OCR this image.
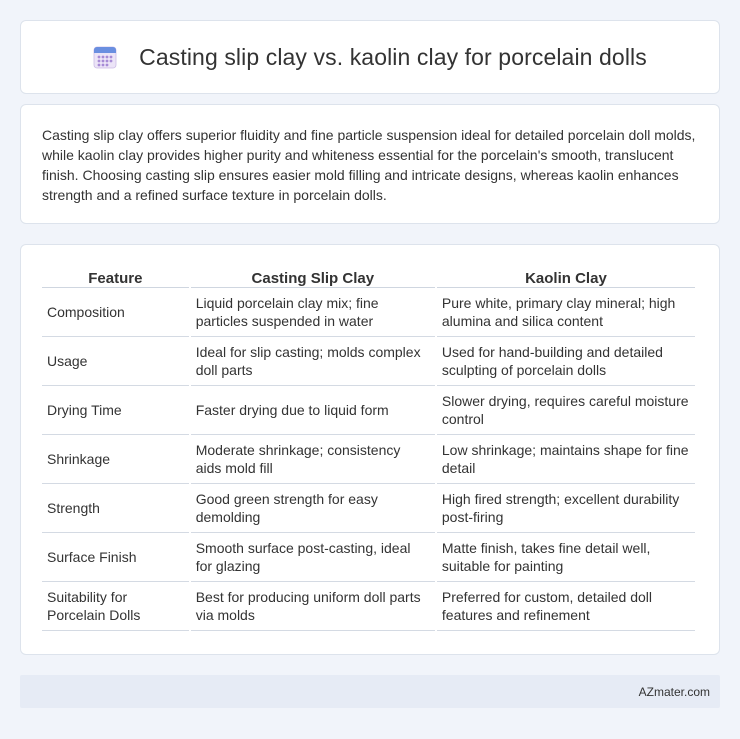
Casting slip clay vs. kaolin clay for porcelain dolls

Casting slip clay offers superior fluidity and fine particle suspension ideal for detailed porcelain doll molds, while kaolin clay provides higher purity and whiteness essential for the porcelain's smooth, translucent finish. Choosing casting slip ensures easier mold filling and intricate designs, whereas kaolin enhances strength and a refined surface texture in porcelain dolls.

Feature	Casting Slip Clay	Kaolin Clay
Composition	Liquid porcelain clay mix; fine particles suspended in water	Pure white, primary clay mineral; high alumina and silica content
Usage	Ideal for slip casting; molds complex doll parts	Used for hand-building and detailed sculpting of porcelain dolls
Drying Time	Faster drying due to liquid form	Slower drying, requires careful moisture control
Shrinkage	Moderate shrinkage; consistency aids mold fill	Low shrinkage; maintains shape for fine detail
Strength	Good green strength for easy demolding	High fired strength; excellent durability post-firing
Surface Finish	Smooth surface post-casting, ideal for glazing	Matte finish, takes fine detail well, suitable for painting
Suitability for Porcelain Dolls	Best for producing uniform doll parts via molds	Preferred for custom, detailed doll features and refinement
AZmater.com
